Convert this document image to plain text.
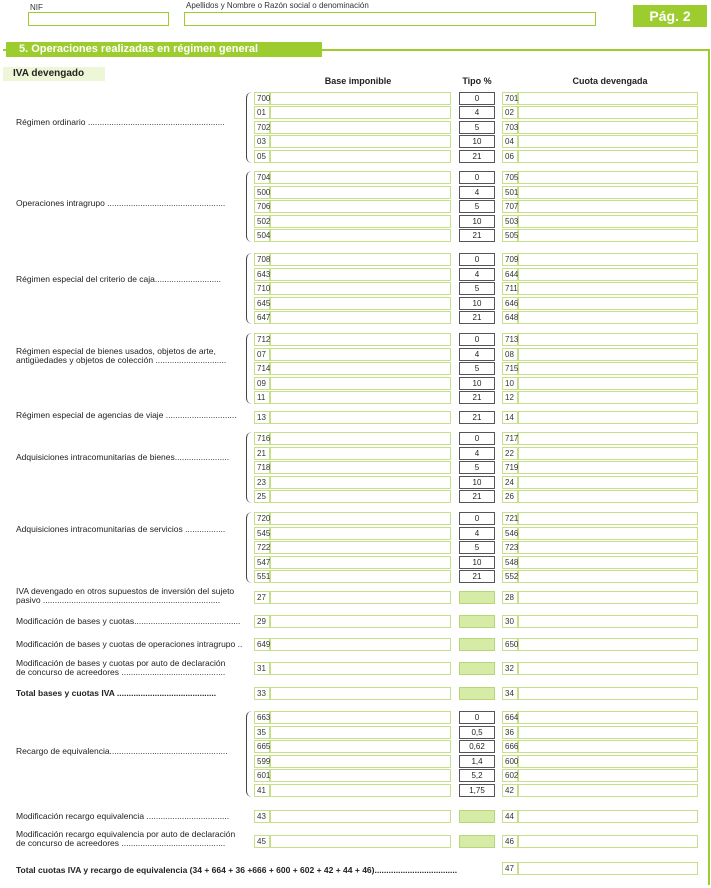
NIF	Apellidos y Nombre o Razón social o denominación
Pág. 2
5. Operaciones realizadas en régimen general
IVA devengado
Base imponible	Tipo %	Cuota devengada
Régimen ordinario ..........................................................
700	0	701
01	4	02
702	5	703
03	10	04
05	21	06
Operaciones intragrupo ..................................................
704	0	705
500	4	501
706	5	707
502	10	503
504	21	505
Régimen especial del criterio de caja............................
708	0	709
643	4	644
710	5	711
645	10	646
647	21	648
Régimen especial de bienes usados, objetos de arte,
antigüedades y objetos de colección ..............................
712	0	713
07	4	08
714	5	715
09	10	10
11	21	12
Régimen especial de agencias de viaje ..............................	13	21	14
Adquisiciones intracomunitarias de bienes.......................
716	0	717
21	4	22
718	5	719
23	10	24
25	21	26
Adquisiciones intracomunitarias de servicios .................
720	0	721
545	4	546
722	5	723
547	10	548
551	21	552
IVA devengado en otros supuestos de inversión del sujeto
pasivo ...........................................................................	27	28
Modificación de bases y cuotas............................................. 29	30
Modificación de bases y cuotas de operaciones intragrupo .. 649	650
Modificación de bases y cuotas por auto de declaración
de concurso de acreedores ............................................	31	32
Total bases y cuotas IVA ..........................................	33	34
Recargo de equivalencia..................................................
663	0	664
35	0,5	36
665	0,62	666
599	1,4	600
601	5,2	602
41	1,75	42
Modificación recargo equivalencia ...................................	43	44
Modificación recargo equivalencia por auto de declaración
de concurso de acreedores ............................................	45	46
Total cuotas IVA y recargo de equivalencia (34 + 664 + 36 +666 + 600 + 602 + 42 + 44 + 46)...................................	47
